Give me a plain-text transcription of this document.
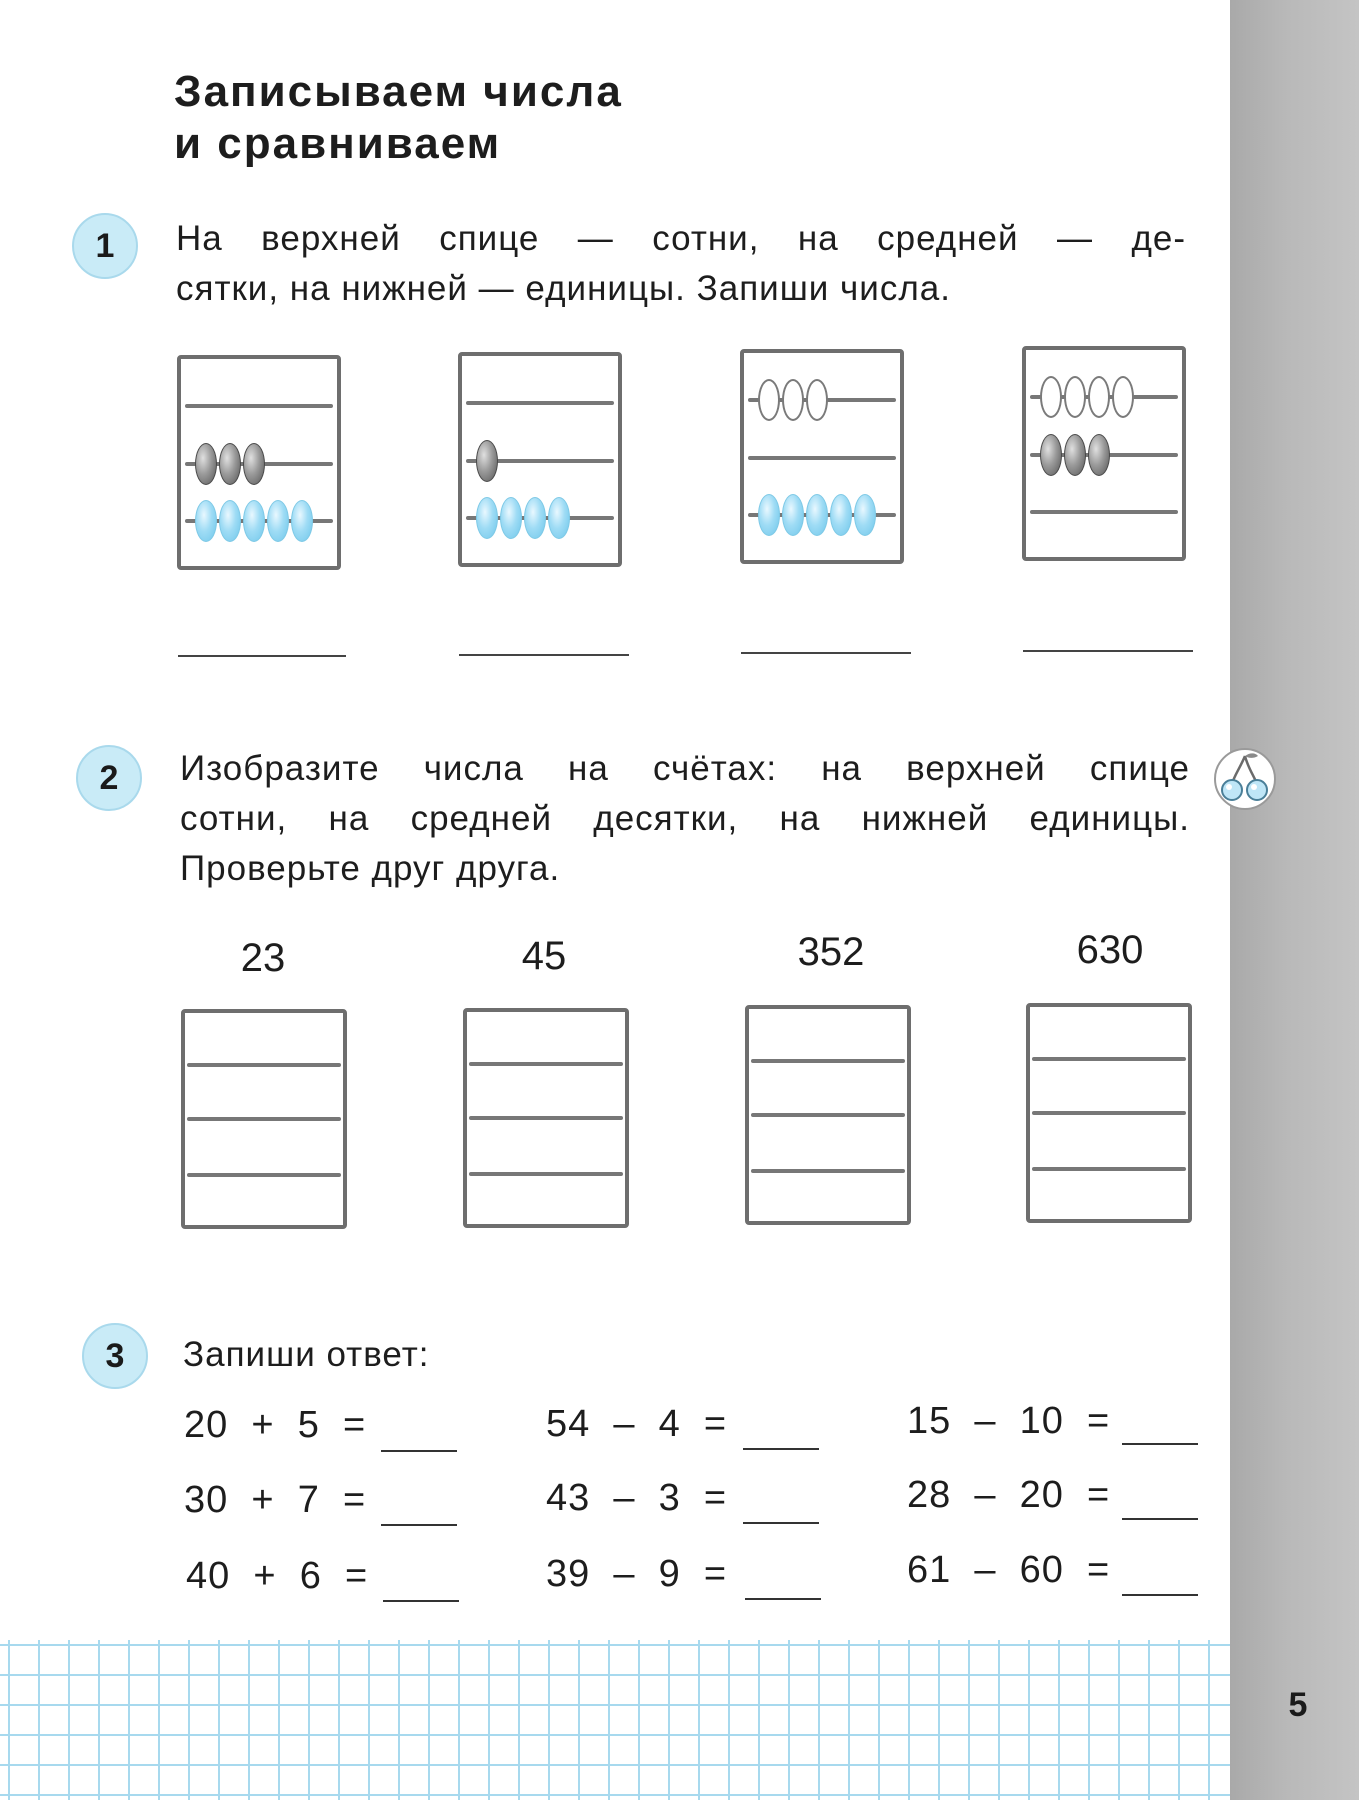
5
Записываем числа
и сравниваем
1	На верхней спице — сотни, на средней — де-
сятки, на нижней — единицы. Запиши числа.
2	Изобразите числа на счётах: на верхней спице
сотни, на средней десятки, на нижней единицы.
Проверьте друг друга.
23	45	352	630
3	Запиши ответ:
20  +  5  =
30  +  7  =
40  +  6  =
54  –  4  =
43  –  3  =
39  –  9  =
15  –  10  =
28  –  20  =
61  –  60  =
